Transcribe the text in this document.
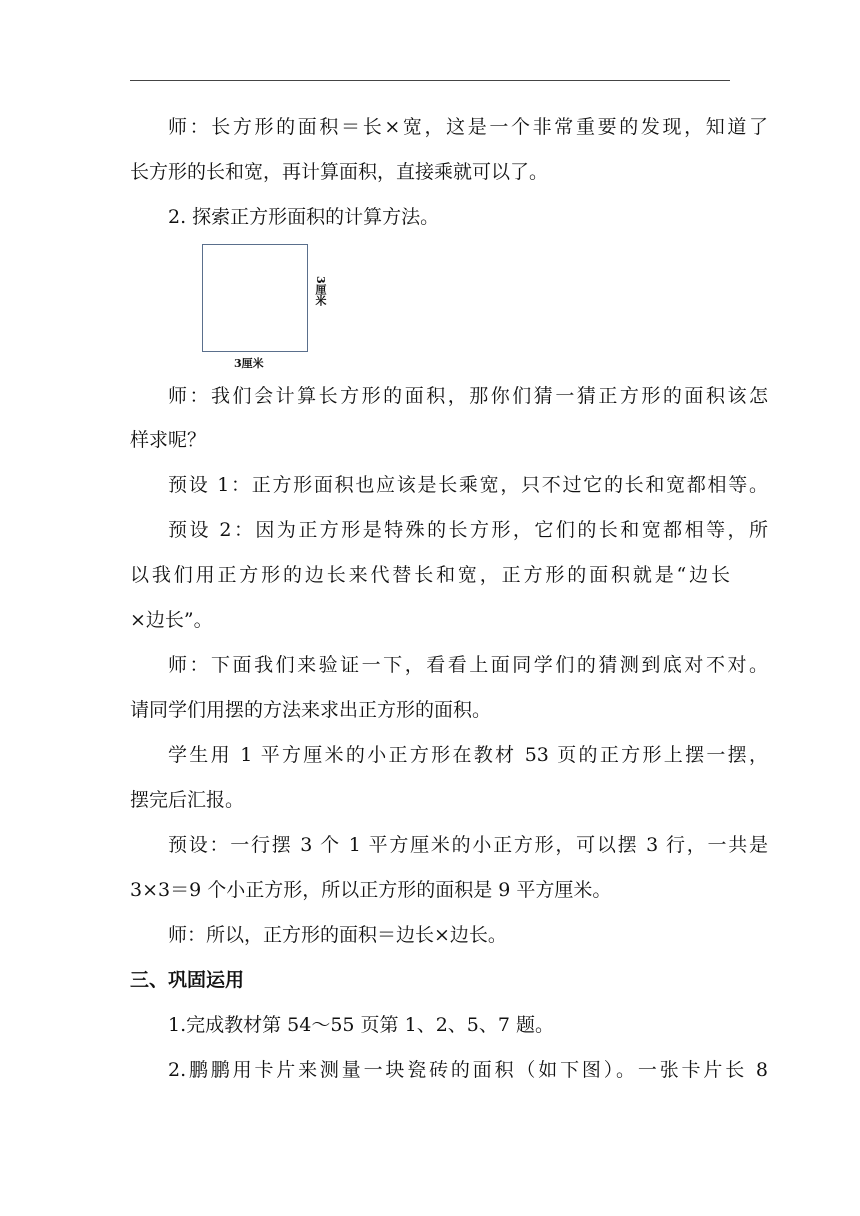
师：长方形的面积＝长×宽，这是一个非常重要的发现，知道了
长方形的长和宽，再计算面积，直接乘就可以了。
2. 探索正方形面积的计算方法。
3厘米
3厘米
师：我们会计算长方形的面积，那你们猜一猜正方形的面积该怎
样求呢？
预设 1：正方形面积也应该是长乘宽，只不过它的长和宽都相等。
预设 2：因为正方形是特殊的长方形，它们的长和宽都相等，所
以我们用正方形的边长来代替长和宽，正方形的面积就是“边长
×边长”。
师：下面我们来验证一下，看看上面同学们的猜测到底对不对。
请同学们用摆的方法来求出正方形的面积。
学生用 1 平方厘米的小正方形在教材 53 页的正方形上摆一摆，
摆完后汇报。
预设：一行摆 3 个 1 平方厘米的小正方形，可以摆 3 行，一共是
3×3＝9 个小正方形，所以正方形的面积是 9 平方厘米。
师：所以，正方形的面积＝边长×边长。
三、巩固运用
1.完成教材第 54～55 页第 1、2、5、7 题。
2.鹏鹏用卡片来测量一块瓷砖的面积（如下图）。一张卡片长 8
